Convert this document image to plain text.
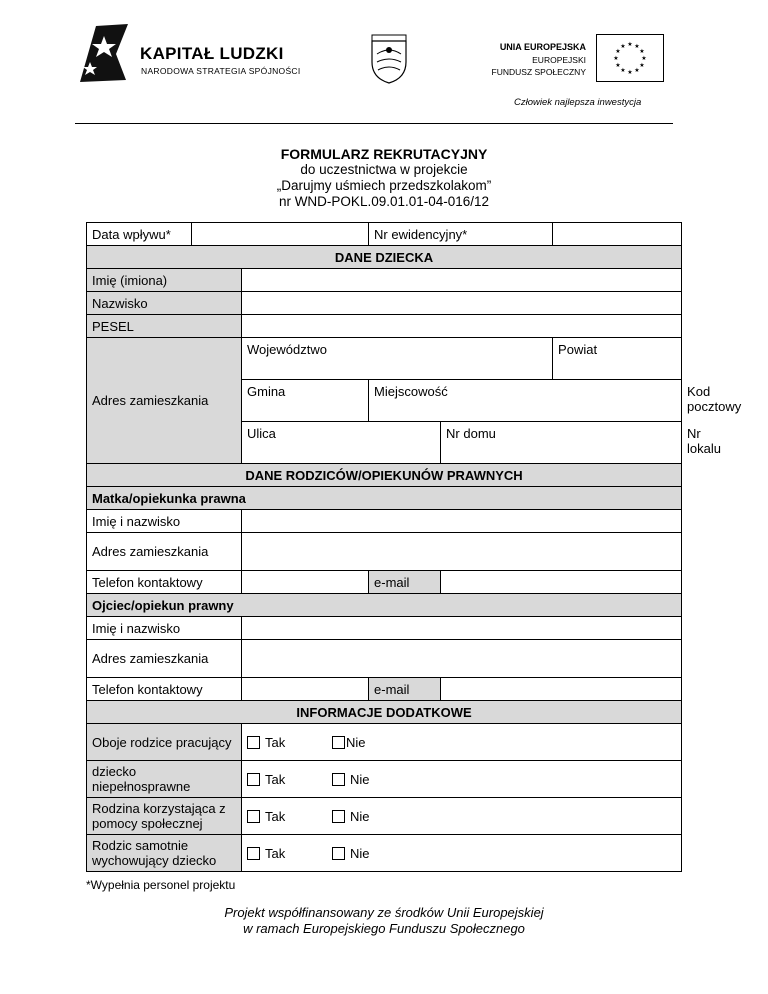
KAPITAŁ LUDZKI
NARODOWA STRATEGIA SPÓJNOŚCI
UNIA EUROPEJSKA
EUROPEJSKI
FUNDUSZ SPOŁECZNY
★ ★
★
★
★
★
★
★
★
★
★
★
Człowiek najlepsza inwestycja
FORMULARZ REKRUTACYJNY
do uczestnictwa w projekcie
„Darujmy uśmiech przedszkolakom”
nr WND-POKL.09.01.01-04-016/12
Data wpływu*			Nr ewidencyjny*			
DANE DZIECKA						
Imię (imiona)						
Nazwisko						
PESEL						
Adres zamieszkania		Województwo			Powiat	
		Gmina	Miejscowość			Kod pocztowy
		Ulica		Nr domu		Nr lokalu
DANE RODZICÓW/OPIEKUNÓW PRAWNYCH						
Matka/opiekunka prawna						
Imię i nazwisko						
Adres zamieszkania						
Telefon kontaktowy			e-mail			
Ojciec/opiekun prawny						
Imię i nazwisko						
Adres zamieszkania						
Telefon kontaktowy			e-mail			
INFORMACJE DODATKOWE						
Oboje rodzice pracujący		Tak Nie				
dziecko niepełnosprawne		Tak Nie				
Rodzina korzystająca z pomocy społecznej		Tak Nie				
Rodzic samotnie wychowujący dziecko		Tak Nie				
*Wypełnia personel projektu
Projekt współfinansowany ze środków Unii Europejskiej
w ramach Europejskiego Funduszu Społecznego
